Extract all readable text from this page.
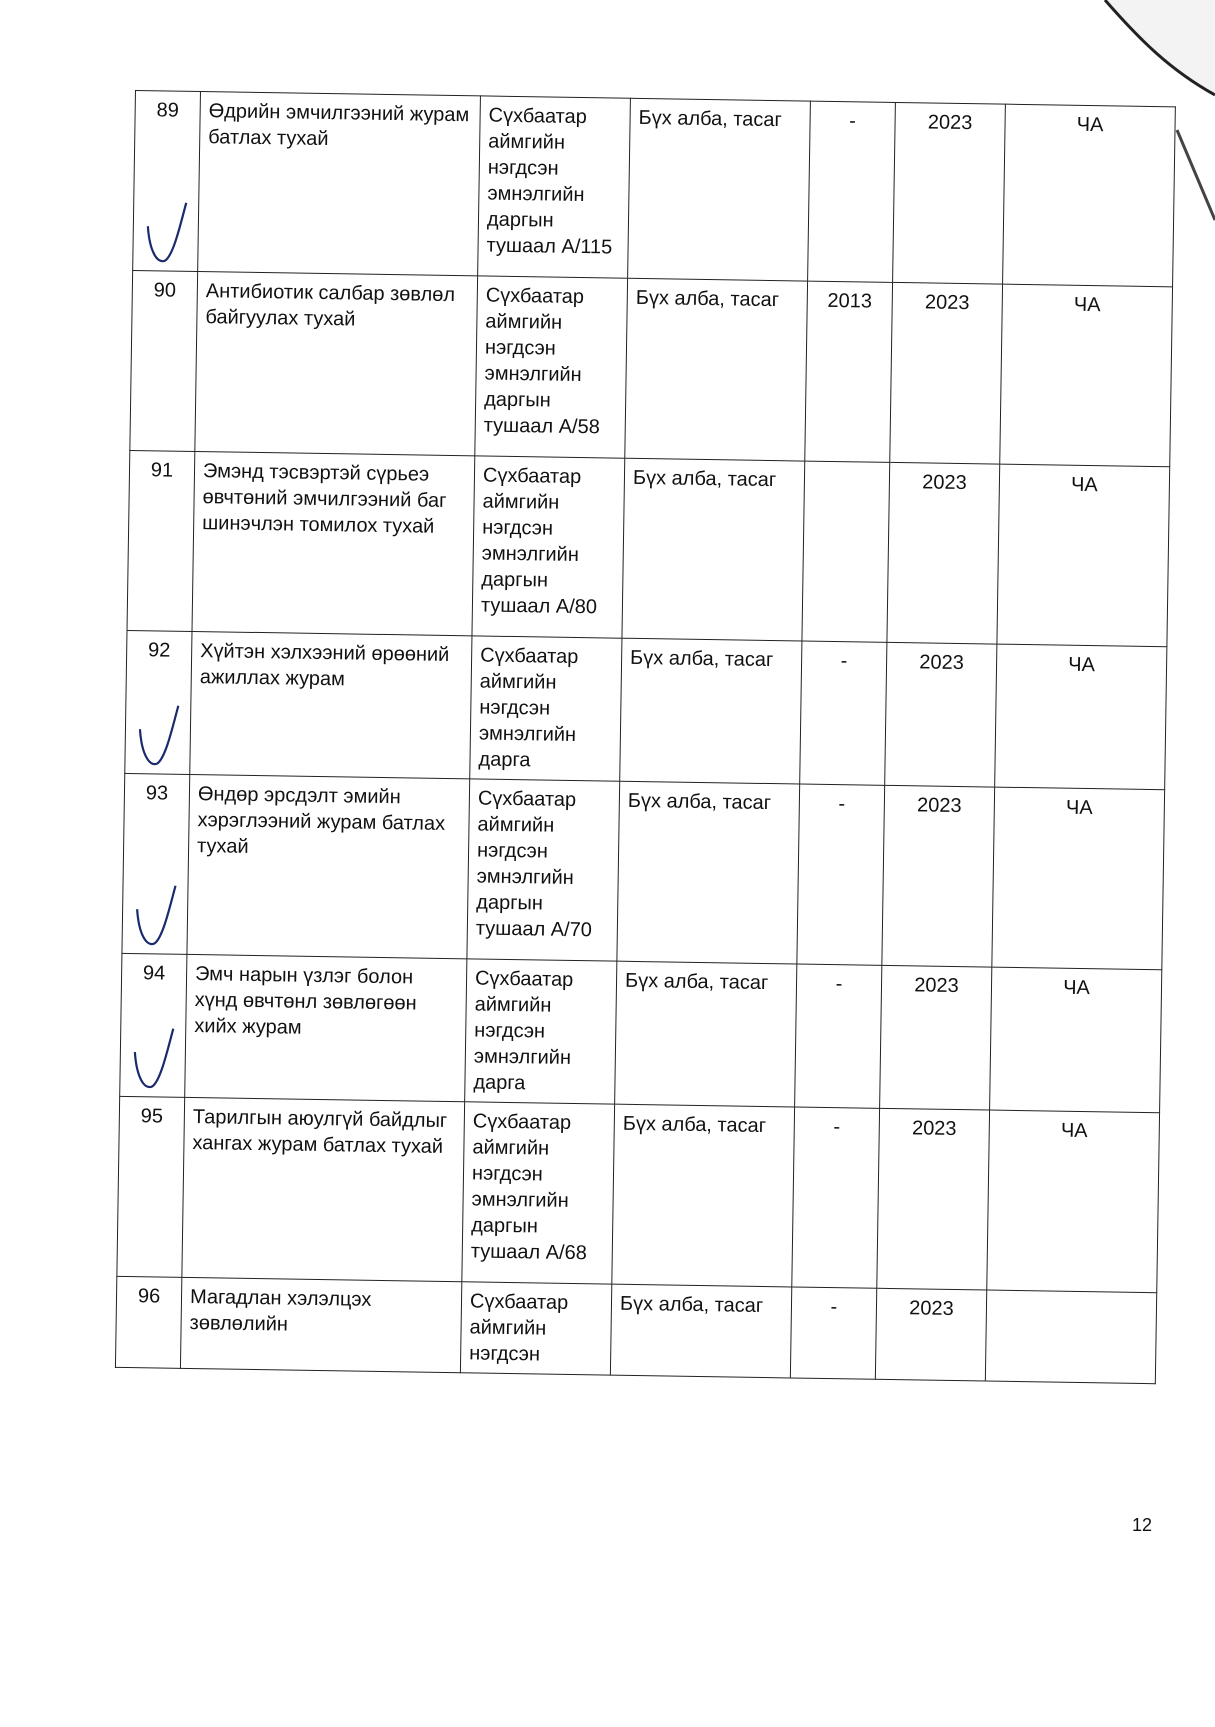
89	Өдрийн эмчилгээний журам батлах тухай	Сүхбаатар аймгийн нэгдсэн эмнэлгийн даргын тушаал А/115	Бүх алба, тасаг	-	2023	ЧА
90	Антибиотик салбар зөвлөл байгуулах тухай	Сүхбаатар аймгийн нэгдсэн эмнэлгийн даргын тушаал А/58	Бүх алба, тасаг	2013	2023	ЧА
91	Эмэнд тэсвэртэй сүрьеэ өвчтөний эмчилгээний баг шинэчлэн томилох тухай	Сүхбаатар аймгийн нэгдсэн эмнэлгийн даргын тушаал А/80	Бүх алба, тасаг		2023	ЧА
92	Хүйтэн хэлхээний өрөөний ажиллах журам	Сүхбаатар аймгийн нэгдсэн эмнэлгийн дарга	Бүх алба, тасаг	-	2023	ЧА
93	Өндөр эрсдэлт эмийн хэрэглээний журам батлах тухай	Сүхбаатар аймгийн нэгдсэн эмнэлгийн даргын тушаал А/70	Бүх алба, тасаг	-	2023	ЧА
94	Эмч нарын үзлэг болон хүнд өвчтөнл зөвлөгөөн хийх журам	Сүхбаатар аймгийн нэгдсэн эмнэлгийн дарга	Бүх алба, тасаг	-	2023	ЧА
95	Тарилгын аюулгүй байдлыг хангах журам батлах тухай	Сүхбаатар аймгийн нэгдсэн эмнэлгийн даргын тушаал А/68	Бүх алба, тасаг	-	2023	ЧА
96	Магадлан хэлэлцэх зөвлөлийн	Сүхбаатар аймгийн нэгдсэн	Бүх алба, тасаг	-	2023	
12
